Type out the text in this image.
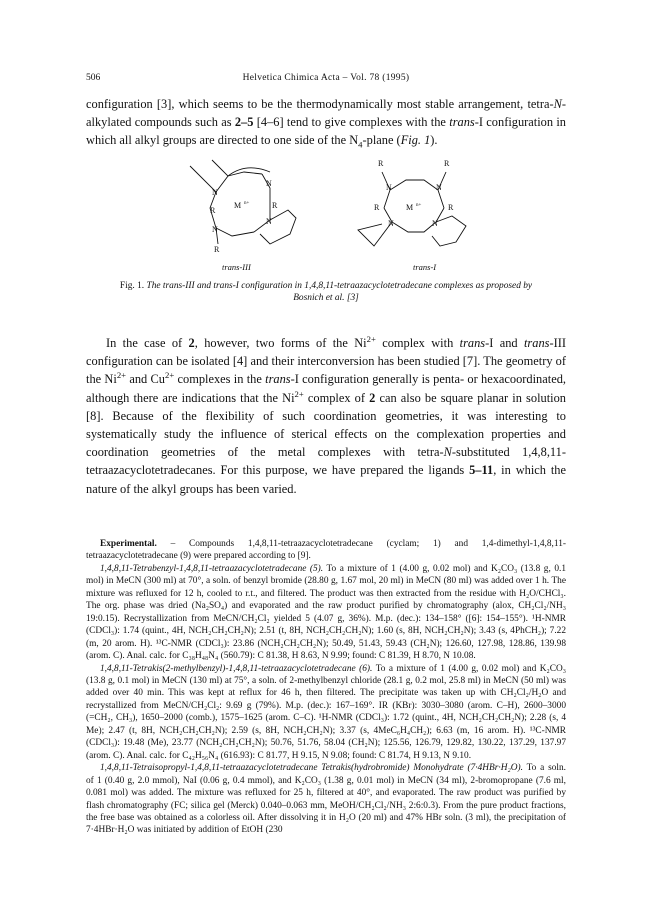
506	Helvetica Chimica Acta – Vol. 78 (1995)
configuration [3], which seems to be the thermodynamically most stable arrangement, tetra-N-alkylated compounds such as 2–5 [4–6] tend to give complexes with the trans-I configuration in which all alkyl groups are directed to one side of the $N_4$-plane (Fig. 1).
N
N
R
R
M n+
N
N
R
R	R
N	N
R	R
M n+
N	N
trans-III	trans-I
Fig. 1. The trans-III and trans-I configuration in 1,4,8,11-tetraazacyclotetradecane complexes as proposed by Bosnich et al. [3]
In the case of 2, however, two forms of the $Ni^{2+}$ complex with trans-I and trans-III configuration can be isolated [4] and their interconversion has been studied [7]. The geometry of the $Ni^{2+}$ and $Cu^{2+}$ complexes in the trans-I configuration generally is penta- or hexacoordinated, although there are indications that the $Ni^{2+}$ complex of 2 can also be square planar in solution [8]. Because of the flexibility of such coordination geometries, it was interesting to systematically study the influence of sterical effects on the complexation properties and coordination geometries of the metal complexes with tetra-N-substituted 1,4,8,11-tetraazacyclotetradecanes. For this purpose, we have prepared the ligands 5–11, in which the nature of the alkyl groups has been varied.
Experimental. – Compounds 1,4,8,11-tetraazacyclotetradecane (cyclam; 1) and 1,4-dimethyl-1,4,8,11-tetraazacyclotetradecane (9) were prepared according to [9].
1,4,8,11-Tetrabenzyl-1,4,8,11-tetraazacyclotetradecane (5). To a mixture of 1 (4.00 g, 0.02 mol) and K₂CO₃ (13.8 g, 0.1 mol) in MeCN (300 ml) at 70°, a soln. of benzyl bromide (28.80 g, 1.67 mol, 20 ml) in MeCN (80 ml) was added over 1 h. The mixture was refluxed for 12 h, cooled to r.t., and filtered. The product was then extracted from the residue with H₂O/CHCl₃. The org. phase was dried (Na₂SO₄) and evaporated and the raw product purified by chromatography (alox, CH₂Cl₂/NH₃ 19:0.15). Recrystallization from MeCN/CH₂Cl₂ yielded 5 (4.07 g, 36%). M.p. (dec.): 134–158° ([6]: 154–155°). ¹H-NMR (CDCl₃): 1.74 (quint., 4H, NCH₂CH₂CH₂N); 2.51 (t, 8H, NCH₂CH₂CH₂N); 1.60 (s, 8H, NCH₂CH₂N); 3.43 (s, 4PhCH₂); 7.22 (m, 20 arom. H). ¹³C-NMR (CDCl₃): 23.86 (NCH₂CH₂CH₂N); 50.49, 51.43, 59.43 (CH₂N); 126.60, 127.98, 128.86, 139.98 (arom. C). Anal. calc. for C₃₈H₄₈N₄ (560.79): C 81.38, H 8.63, N 9.99; found: C 81.39, H 8.70, N 10.08.
1,4,8,11-Tetrakis(2-methylbenzyl)-1,4,8,11-tetraazacyclotetradecane (6). To a mixture of 1 (4.00 g, 0.02 mol) and K₂CO₃ (13.8 g, 0.1 mol) in MeCN (130 ml) at 75°, a soln. of 2-methylbenzyl chloride (28.1 g, 0.2 mol, 25.8 ml) in MeCN (50 ml) was added over 40 min. This was kept at reflux for 46 h, then filtered. The precipitate was taken up with CH₂Cl₂/H₂O and recrystallized from MeCN/CH₂Cl₂: 9.69 g (79%). M.p. (dec.): 167–169°. IR (KBr): 3030–3080 (arom. C–H), 2600–3000 (=CH₂, CH₃), 1650–2000 (comb.), 1575–1625 (arom. C–C). ¹H-NMR (CDCl₃): 1.72 (quint., 4H, NCH₂CH₂CH₂N); 2.28 (s, 4 Me); 2.47 (t, 8H, NCH₂CH₂CH₂N); 2.59 (s, 8H, NCH₂CH₂N); 3.37 (s, 4MeC₆H₄CH₂); 6.63 (m, 16 arom. H). ¹³C-NMR (CDCl₃): 19.48 (Me), 23.77 (NCH₂CH₂CH₂N); 50.76, 51.76, 58.04 (CH₂N); 125.56, 126.79, 129.82, 130.22, 137.29, 137.97 (arom. C). Anal. calc. for C₄₂H₅₆N₄ (616.93): C 81.77, H 9.15, N 9.08; found: C 81.74, H 9.13, N 9.10.
1,4,8,11-Tetraisopropyl-1,4,8,11-tetraazacyclotetradecane Tetrakis(hydrobromide) Monohydrate (7·4HBr·H₂O). To a soln. of 1 (0.40 g, 2.0 mmol), NaI (0.06 g, 0.4 mmol), and K₂CO₃ (1.38 g, 0.01 mol) in MeCN (34 ml), 2-bromopropane (7.6 ml, 0.081 mol) was added. The mixture was refluxed for 25 h, filtered at 40°, and evaporated. The raw product was purified by flash chromatography (FC; silica gel (Merck) 0.040–0.063 mm, MeOH/CH₂Cl₂/NH₃ 2:6:0.3). From the pure product fractions, the free base was obtained as a colorless oil. After dissolving it in H₂O (20 ml) and 47% HBr soln. (3 ml), the precipitation of 7·4HBr·H₂O was initiated by addition of EtOH (230
